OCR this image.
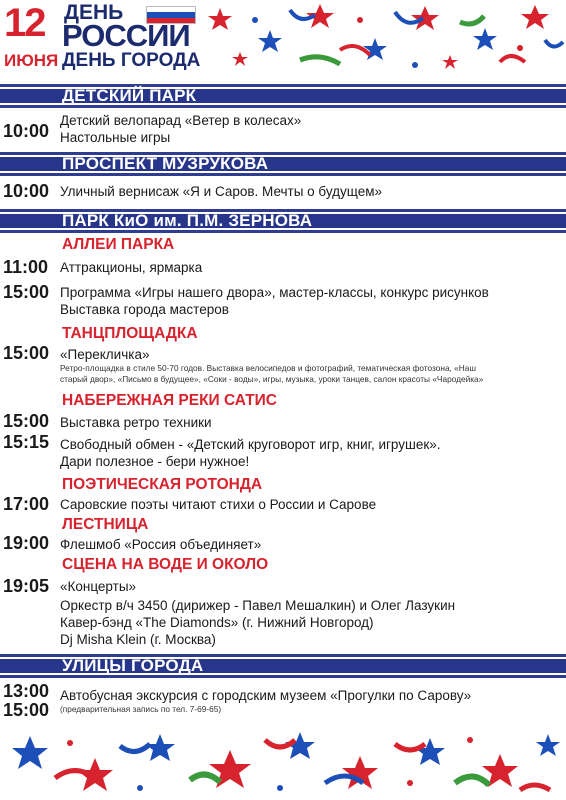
12
ИЮНЯ
ДЕНЬ
РОССИИ
ДЕНЬ ГОРОДА
ДЕТСКИЙ ПАРК
10:00
Детский велопарад «Ветер в колесах»
Настольные игры
ПРОСПЕКТ МУЗРУКОВА
10:00 Уличный вернисаж «Я и Саров. Мечты о будущем»
ПАРК КиО им. П.М. ЗЕРНОВА
АЛЛЕИ ПАРКА
11:00 Аттракционы, ярмарка
15:00 Программа «Игры нашего двора», мастер-классы, конкурс рисунков
Выставка города мастеров
ТАНЦПЛОЩАДКА
15:00 «Перекличка»
Ретро-площадка в стиле 50-70 годов. Выставка велосипедов и фотографий, тематическая фотозона, «Наш
старый двор», «Письмо в будущее», «Соки - воды», игры, музыка, уроки танцев, салон красоты «Чародейка»
НАБЕРЕЖНАЯ РЕКИ САТИС
15:00 Выставка ретро техники
15:15 Свободный обмен - «Детский круговорот игр, книг, игрушек».
Дари полезное - бери нужное!
ПОЭТИЧЕСКАЯ РОТОНДА
17:00 Саровские поэты читают стихи о России и Сарове
ЛЕСТНИЦА
19:00 Флешмоб «Россия объединяет»
СЦЕНА НА ВОДЕ И ОКОЛО
19:05 «Концерты»
Оркестр в/ч 3450 (дирижер - Павел Мешалкин) и Олег Лазукин
Кавер-бэнд «The Diamonds» (г. Нижний Новгород)
Dj Misha Klein (г. Москва)
УЛИЦЫ ГОРОДА
13:00
15:00
Автобусная экскурсия с городским музеем «Прогулки по Сарову»
(предварительная запись по тел. 7-69-65)
